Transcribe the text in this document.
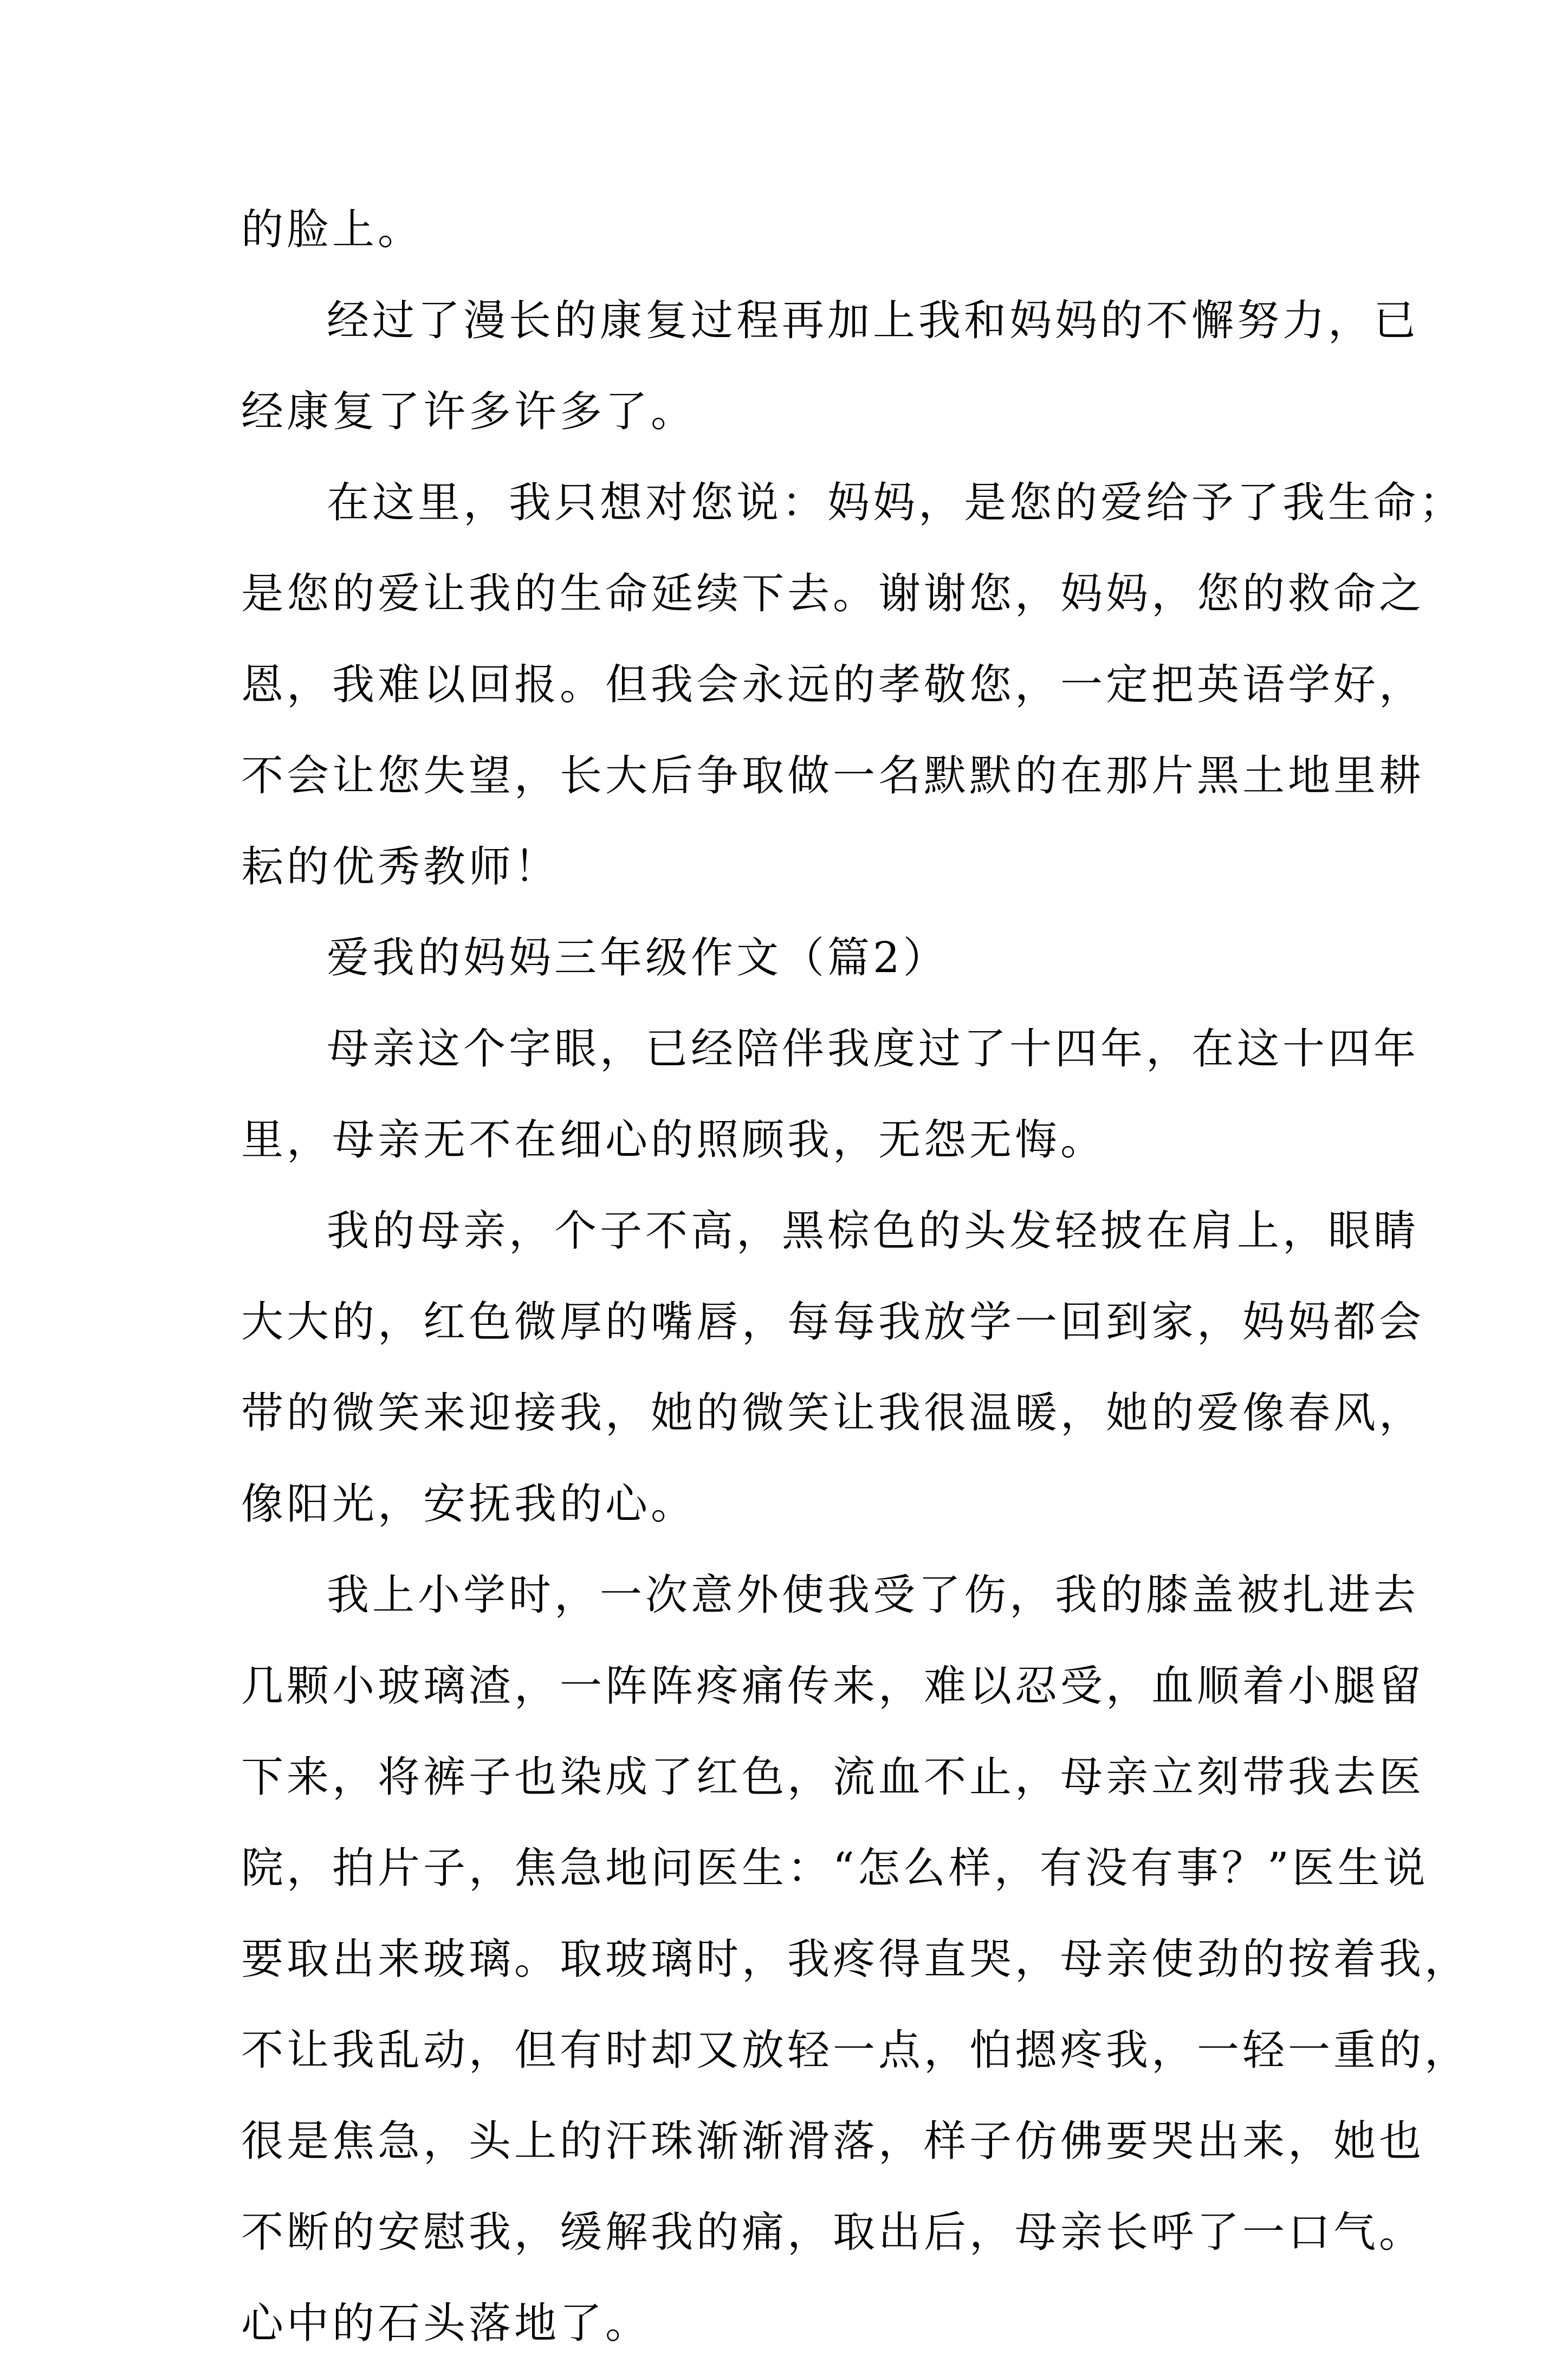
的脸上。
经过了漫长的康复过程再加上我和妈妈的不懈努力，已
经康复了许多许多了。
在这里，我只想对您说：妈妈，是您的爱给予了我生命；
是您的爱让我的生命延续下去。谢谢您，妈妈，您的救命之
恩，我难以回报。但我会永远的孝敬您，一定把英语学好，
不会让您失望，长大后争取做一名默默的在那片黑土地里耕
耘的优秀教师！
爱我的妈妈三年级作文（篇2）
母亲这个字眼，已经陪伴我度过了十四年，在这十四年
里，母亲无不在细心的照顾我，无怨无悔。
我的母亲，个子不高，黑棕色的头发轻披在肩上，眼睛
大大的，红色微厚的嘴唇，每每我放学一回到家，妈妈都会
带的微笑来迎接我，她的微笑让我很温暖，她的爱像春风，
像阳光，安抚我的心。
我上小学时，一次意外使我受了伤，我的膝盖被扎进去
几颗小玻璃渣，一阵阵疼痛传来，难以忍受，血顺着小腿留
下来，将裤子也染成了红色，流血不止，母亲立刻带我去医
院，拍片子，焦急地问医生：“怎么样，有没有事？”医生说
要取出来玻璃。取玻璃时，我疼得直哭，母亲使劲的按着我，
不让我乱动，但有时却又放轻一点，怕摁疼我，一轻一重的，
很是焦急，头上的汗珠渐渐滑落，样子仿佛要哭出来，她也
不断的安慰我，缓解我的痛，取出后，母亲长呼了一口气。
心中的石头落地了。
